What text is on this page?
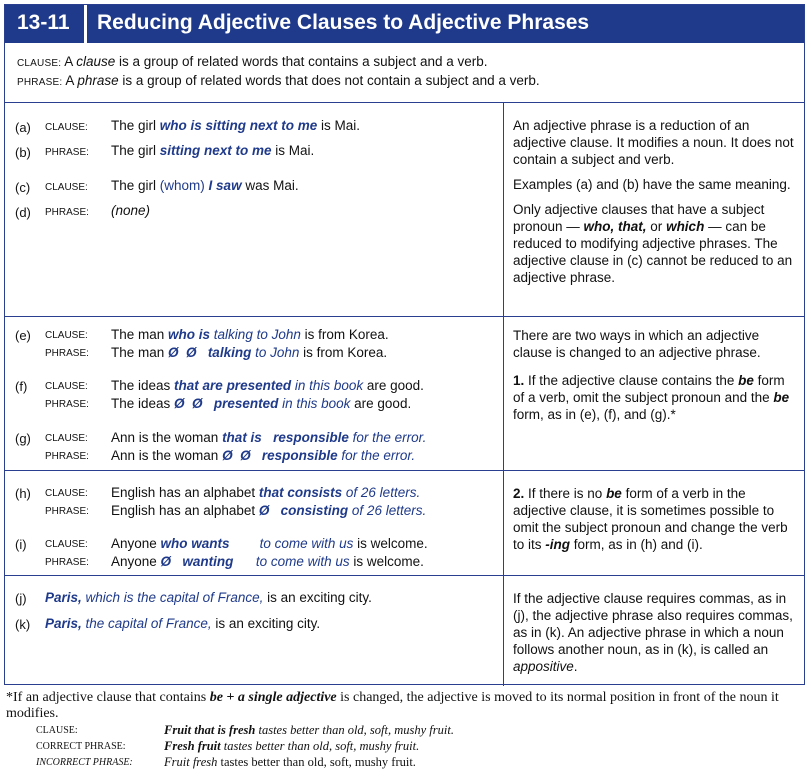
13-11 Reducing Adjective Clauses to Adjective Phrases
CLAUSE: A clause is a group of related words that contains a subject and a verb.
PHRASE: A phrase is a group of related words that does not contain a subject and a verb.
(a) CLAUSE: The girl who is sitting next to me is Mai.
(b) PHRASE: The girl sitting next to me is Mai.
(c) CLAUSE: The girl (whom) I saw was Mai.
(d) PHRASE: (none)

An adjective phrase is a reduction of an adjective clause. It modifies a noun. It does not contain a subject and verb.

Examples (a) and (b) have the same meaning.

Only adjective clauses that have a subject pronoun — who, that, or which — can be reduced to modifying adjective phrases. The adjective clause in (c) cannot be reduced to an adjective phrase.

(e) CLAUSE: The man who is talking to John is from Korea.
PHRASE: The man Ø  Ø talking to John is from Korea.
(f) CLAUSE: The ideas that are presented in this book are good.
PHRASE: The ideas Ø  Ø presented in this book are good.
(g) CLAUSE: Ann is the woman that is responsible for the error.
PHRASE: Ann is the woman Ø  Ø responsible for the error.

There are two ways in which an adjective clause is changed to an adjective phrase.

1. If the adjective clause contains the be form of a verb, omit the subject pronoun and the be form, as in (e), (f), and (g).*

(h) CLAUSE: English has an alphabet that consists of 26 letters.
PHRASE: English has an alphabet Ø consisting of 26 letters.
(i) CLAUSE: Anyone who wants to come with us is welcome.
PHRASE: Anyone Ø wanting to come with us is welcome.

2. If there is no be form of a verb in the adjective clause, it is sometimes possible to omit the subject pronoun and change the verb to its -ing form, as in (h) and (i).

(j) Paris, which is the capital of France, is an exciting city.
(k) Paris, the capital of France, is an exciting city.

If the adjective clause requires commas, as in (j), the adjective phrase also requires commas, as in (k). An adjective phrase in which a noun follows another noun, as in (k), is called an appositive.

*If an adjective clause that contains be + a single adjective is changed, the adjective is moved to its normal position in front of the noun it modifies.
CLAUSE:	Fruit that is fresh tastes better than old, soft, mushy fruit.
CORRECT PHRASE:	Fresh fruit tastes better than old, soft, mushy fruit.
INCORRECT PHRASE: Fruit fresh tastes better than old, soft, mushy fruit.
